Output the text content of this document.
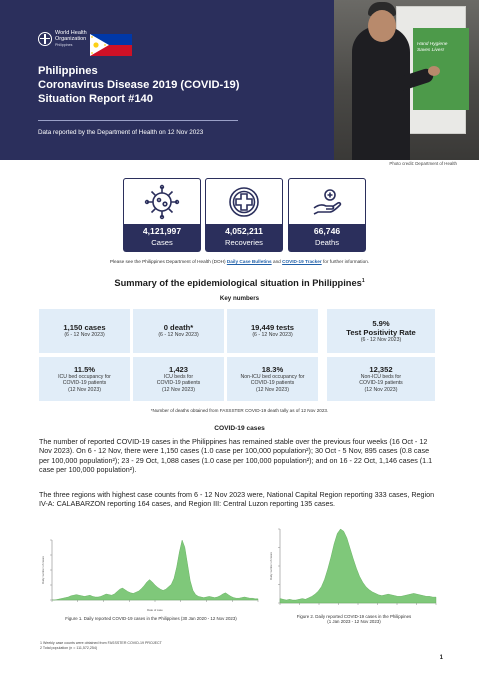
World Health
Organization
Philippines
Philippines
Coronavirus Disease 2019 (COVID-19)
Situation Report #140
Data reported by the Department of Health on 12 Nov 2023
Hand Hygiene Saves Lives!
Photo credit: Department of Health
4,121,997
Cases
4,052,211
Recoveries
66,746
Deaths
Please see the Philippines Department of Health (DOH) Daily Case Bulletins and COVID-19 Tracker for further information.
Summary of the epidemiological situation in Philippines$^1$
Key numbers
1,150 cases
(6 - 12 Nov 2023)
0 death*
(6 - 12 Nov 2023)
19,449 tests
(6 - 12 Nov 2023)
5.9%
Test Positivity Rate
(6 - 12 Nov 2023)
11.5%
ICU bed occupancy for
COVID-19 patients
(12 Nov 2023)
1,423
ICU beds for
COVID-19 patients
(12 Nov 2023)
18.3%
Non-ICU bed occupancy for
COVID-19 patients
(12 Nov 2023)
12,352
Non-ICU beds for
COVID-19 patients
(12 Nov 2023)
*Number of deaths obtained from FASSSTER COVID-19 death tally as of 12 Nov 2023.
COVID-19 cases
The number of reported COVID-19 cases in the Philippines has remained stable over the previous four weeks (16 Oct - 12 Nov 2023). On 6 - 12 Nov, there were 1,150 cases (1.0 case per 100,000 population²); 30 Oct - 5 Nov, 895 cases (0.8 case per 100,000 population²); 23 - 29 Oct, 1,088 cases (1.0 case per 100,000 population²); and on 16 - 22 Oct, 1,146 cases (1.1 case per 100,000 population²).
The three regions with highest case counts from 6 - 12 Nov 2023 were, National Capital Region reporting 333 cases, Region IV-A: CALABARZON reporting 164 cases, and Region III: Central Luzon reporting 135 cases.
Daily number of cases
Date of case
Figure 1. Daily reported COVID-19 cases in the Philippines (30 Jan 2020 - 12 Nov 2023)
Daily number of cases
Figure 2. Daily reported COVID-19 cases in the Philippines
(1 Jan 2023 - 12 Nov 2023)
1 Weekly case counts were obtained from FASSSTER COVID-19 PROJECT
2 Total population (n = 111,572,254)
1
